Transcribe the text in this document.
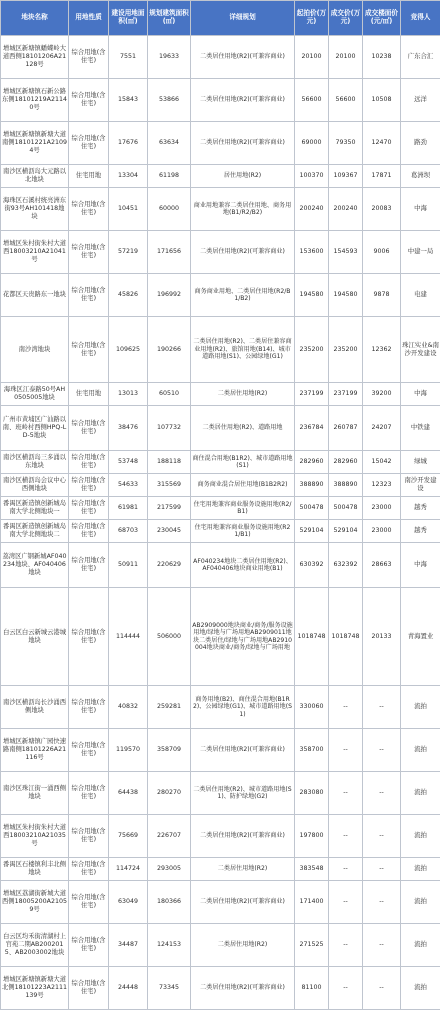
地块名称	用地性质	建设用地面积(㎡)	规划建筑面积(㎡)	详细规划	起拍价(万元)	成交价(万元)	成交楼面价(元/㎡)	竞得人
增城区新塘镇蟠蝶岭大道西侧18101206A21128号	综合用地(含住宅)	7551	19633	二类居住用地(R2)(可兼容商业)	20100	20100	10238	广东合汇
增城区新塘镇石新公路东侧18101219A21140号	综合用地(含住宅)	15843	53866	二类居住用地(R2)(可兼容商业)	56600	56600	10508	远洋
增城区新塘镇新塘大道南侧18101221A21094号	综合用地(含住宅)	17676	63634	二类居住用地(R2)(可兼容商业)	69000	79350	12470	路劲
南沙区横沥岛大元路以北地块	住宅用地	13304	61198	居住用地(R2)	100370	109367	17871	葛洲坝
海珠区石溪村统亮洲东街93号AH101418地块	综合用地(含住宅)	10451	60000	商业用地兼容二类居住用地、商务用地(B1/R2/B2)	200240	200240	20083	中海
增城区朱村街朱村大道西18003210A21041号	综合用地(含住宅)	57219	171656	二类居住用地(R2)(可兼容商业)	153600	154593	9006	中建一局
花都区天贵路东一地块	综合用地(含住宅)	45826	196992	商务商业用地、二类居住用地(R2/B1/B2)	194580	194580	9878	电建
南沙湾地块	综合用地(含住宅)	109625	190266	二类居住用地(R2)、二类居住兼容商业用地(R2)、旅馆用地(B14)、城市道路用地(S1)、公园绿地(G1)	235200	235200	12362	珠江实业&南沙开发建设
海珠区江泰路50号AH0505005地块	住宅用地	13013	60510	二类居住用地(R2)	237199	237199	39200	中海
广州市黄埔区广汕路以南、班岭村西侧HPQ-LD-5地块	综合用地(含住宅)	38476	107732	二类居住用地(R2)、道路用地	236784	260787	24207	中铁建
南沙区横沥岛三多涌以东地块	综合用地(含住宅)	53748	188118	商住混合用地(B1R2)、城市道路用地(S1)	282960	282960	15042	绿城
南沙区横沥岛会议中心西侧地块	综合用地(含住宅)	54633	315569	商务商业混合居住用地(B1B2R2)	388890	388890	12323	南沙开发建设
番禺区新造镇创新城岛南大学北侧地块一	综合用地(含住宅)	61981	217599	住宅用地兼容商业服务设施用地(R2/B1)	500478	500478	23000	越秀
番禺区新造镇创新城岛南大学北侧地块二	综合用地(含住宅)	68703	230045	住宅用地兼容商业服务设施用地(R21/B1)	529104	529104	23000	越秀
荔湾区广钢新城AF040234地块、AF040406地块	综合用地(含住宅)	50911	220629	AF040234地块二类居住用地(R2)、AF040406地块商业用地(B1)	630392	632392	28663	中海
白云区白云新城云港城地块	综合用地(含住宅)	114444	506000	AB2909000地块商业/商务/服务设施用地/绿地与广场用地AB2909011地块二类居住/绿地与广场用地AB2910004地块商业/商务/绿地与广场用地	1018748	1018748	20133	青海置业
南沙区横沥岛长沙涌西侧地块	综合用地(含住宅)	40832	259281	商务用地(B2)、商住混合用地(B1R2)、公园绿地(G1)、城市道路用地(S1)	330060	--	--	流拍
增城区新塘镇广园快速路南侧18101226A21116号	综合用地(含住宅)	119570	358709	二类居住用地(R2)(可兼容商业)	358700	--	--	流拍
南沙区珠江街一涌西侧地块	综合用地(含住宅)	64438	280270	二类居住用地(R2)、城市道路用地(S1)、防护绿地(G2)	283080	--	--	流拍
增城区朱村街朱村大道西18003210A21035号	综合用地(含住宅)	75669	226707	二类居住用地(R2)(可兼容商业)	197800	--	--	流拍
番禺区石楼镇利丰北侧地块	综合用地(含住宅)	114724	293005	二类居住用地(R2)	383548	--	--	流拍
增城区荔湖街新城大道西侧18005200A21059号	综合用地(含住宅)	63049	180366	二类居住用地(R2)(可兼容商业)	171400	--	--	流拍
白云区均禾街清湖村上官苑二期AB2002015、AB2003002地块	综合用地(含住宅)	34487	124153	二类居住用地(R2)	271525	--	--	流拍
增城区新塘镇新塘大道北侧18101223A2111139号	综合用地(含住宅)	24448	73345	二类居住用地(R2)(可兼容商业)	81100	--	--	流拍
